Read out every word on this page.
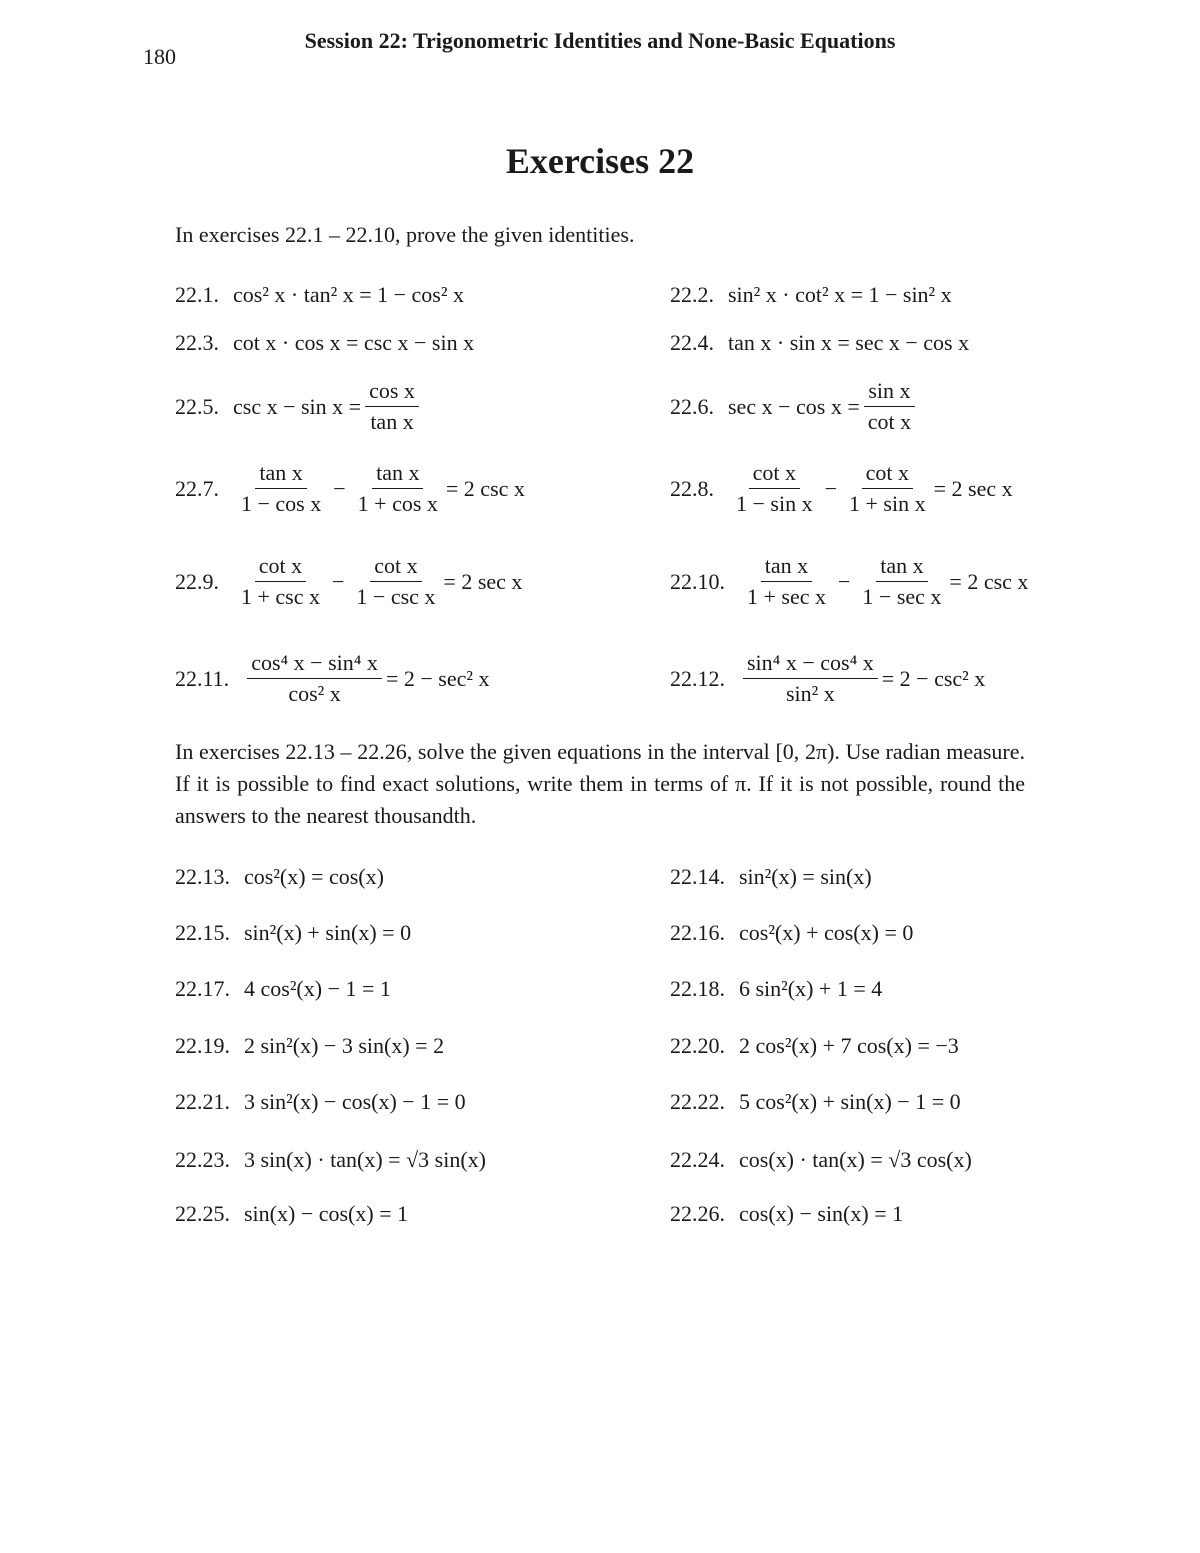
180
Session 22: Trigonometric Identities and None-Basic Equations
Exercises 22
In exercises 22.1 – 22.10, prove the given identities.
22.1. cos² x · tan² x = 1 − cos² x	22.2. sin² x · cot² x = 1 − sin² x
22.3. cot x · cos x = csc x − sin x	22.4. tan x · sin x = sec x − cos x
22.5. $\csc x - \sin x = \frac{\text{cos x}}{\text{tan x}}$	22.6. $\sec x - \cos x = \frac{\text{sin x}}{\text{cot x}}$
22.7. $\frac{\text{tan x}}{\text{1 − cos x}} - \frac{\text{tan x}}{\text{1 + cos x}} = 2$ csc x	22.8. $\frac{\text{cot x}}{\text{1 − sin x}} - \frac{\text{cot x}}{\text{1 + sin x}} = 2$ sec x
22.9. $\frac{\text{cot x}}{\text{1 + csc x}} - \frac{\text{cot x}}{\text{1 − csc x}} = 2$ sec x	22.10. $\frac{\text{tan x}}{\text{1 + sec x}} - \frac{\text{tan x}}{\text{1 − sec x}} = 2$ csc x
22.11. $\frac{\text{cos⁴ x − sin⁴ x}}{\text{cos² x}} = 2 - \sec^2$ x	22.12. $\frac{\text{sin⁴ x − cos⁴ x}}{\text{sin² x}} = 2 - \csc^2$ x
In exercises 22.13 – 22.26, solve the given equations in the interval [0, 2π). Use radian measure. If it is possible to find exact solutions, write them in terms of π. If it is not possible, round the answers to the nearest thousandth.
22.13. cos²(x) = cos(x)	22.14. sin²(x) = sin(x)
22.15. sin²(x) + sin(x) = 0	22.16. cos²(x) + cos(x) = 0
22.17. 4 cos²(x) − 1 = 1	22.18. 6 sin²(x) + 1 = 4
22.19. 2 sin²(x) − 3 sin(x) = 2	22.20. 2 cos²(x) + 7 cos(x) = −3
22.21. 3 sin²(x) − cos(x) − 1 = 0	22.22. 5 cos²(x) + sin(x) − 1 = 0
22.23. 3 sin(x) · tan(x) = √3 sin(x)	22.24. cos(x) · tan(x) = √3 cos(x)
22.25. sin(x) − cos(x) = 1	22.26. cos(x) − sin(x) = 1
